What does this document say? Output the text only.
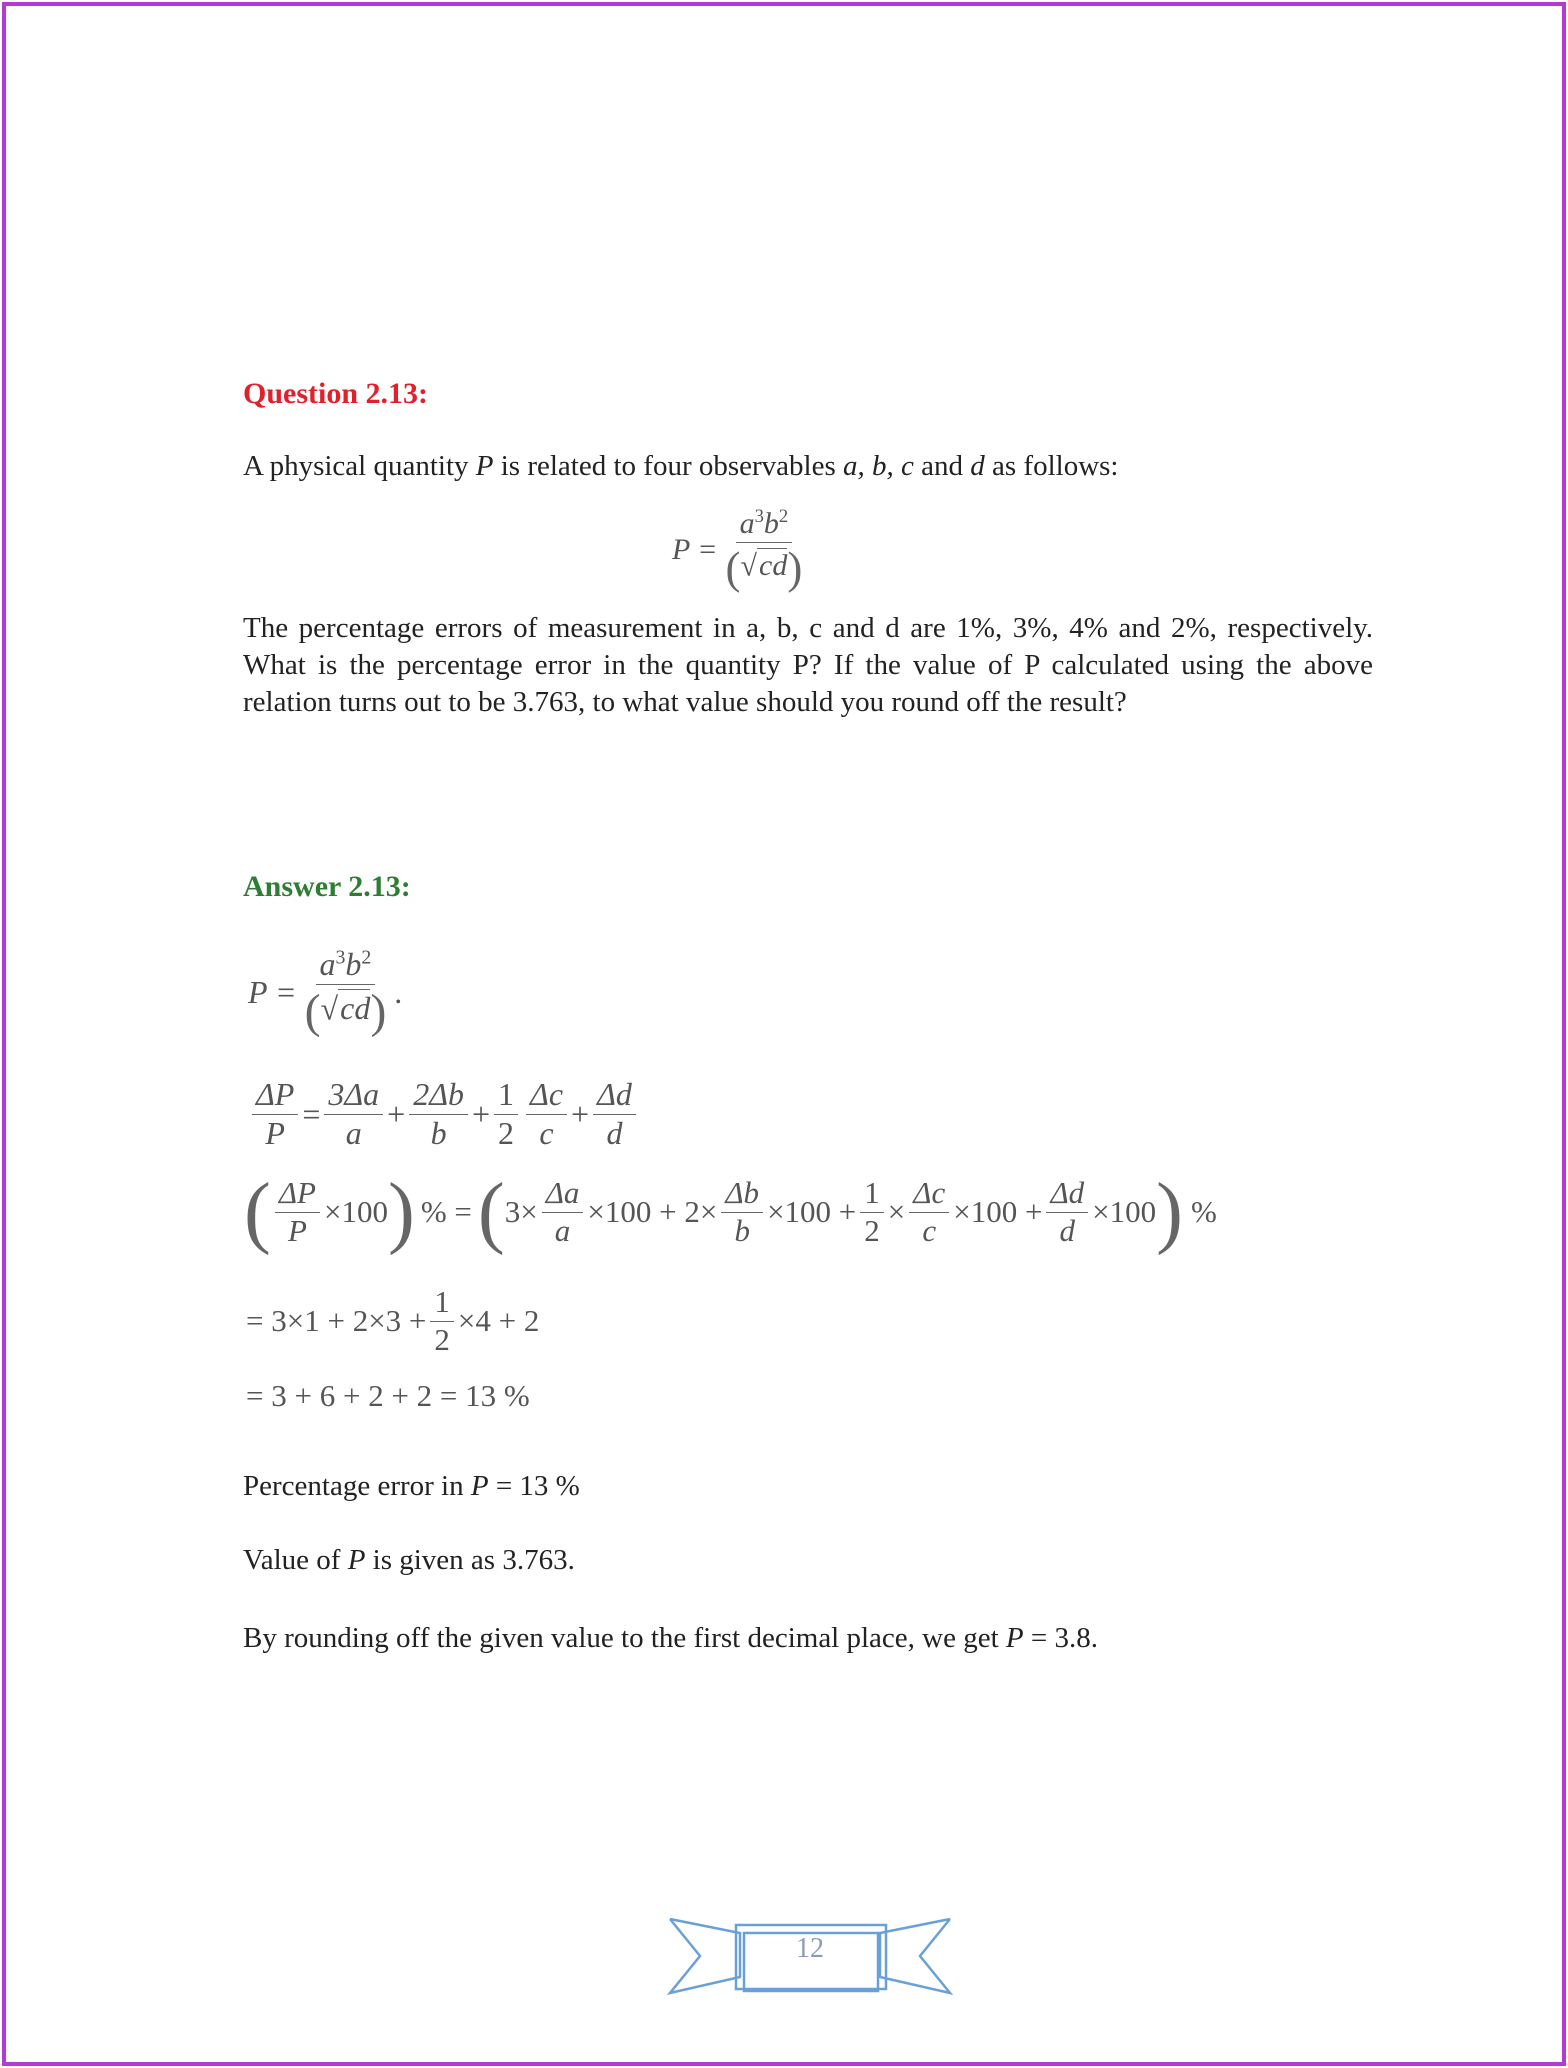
Question 2.13:
A physical quantity P is related to four observables a, b, c and d as follows:
$P = \frac{a^3b^2}{(√cd)}$
The percentage errors of measurement in a, b, c and d are 1%, 3%, 4% and 2%, respectively. What is the percentage error in the quantity P? If the value of P calculated using the above relation turns out to be 3.763, to what value should you round off the result?
Answer 2.13:
$P = \frac{a^3b^2}{(√cd)}$ .
$\frac{\Delta P}{P} = \frac{3\Delta a}{a} + \frac{2\Delta b}{b} + \frac{1}{2} \frac{\Delta c}{c} + \frac{\Delta d}{d}$
( $\frac{\Delta P}{P} \times 100$ ) % = ( $3\times \frac{\Delta a}{a} \times 100 + 2\times \frac{\Delta b}{b} \times 100 + \frac{1}{2} \times \frac{\Delta c}{c} \times 100 + \frac{\Delta d}{d} \times 100$ ) %
= $3\times 1 + 2\times 3 + \frac{1}{2} \times 4 + 2$
= 3 + 6 + 2 + 2 = 13 %
Percentage error in P = 13 %
Value of P is given as 3.763.
By rounding off the given value to the first decimal place, we get P = 3.8.
12
